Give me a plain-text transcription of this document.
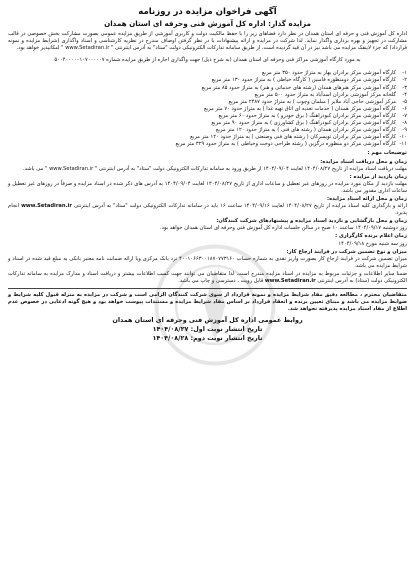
آگهی فراخوان مزایده در روزنامه

مزایده گذار: اداره کل آموزش فنی وحرفه ای استان همدان

اداره کل آموزش فنی و حرفه ای استان همدان در نظر دارد فضاهای زیر را با حفظ مالکیت دولت و کاربری آموزشی از طریق مزایده عمومی بصورت مشارکت بخش خصوصی در قالب مشارکت در تجهیز و بهره برداری واگذار نماید. لذا شرکت در مزایده و ارائه پیشنهادات با در نظر گرفتن اوصاف مندرج در نظریه کارشناسی و اسناد واگذاری (شرایط مزایده و نمونه قرارداد) که جزء لاینفک مزایده می باشد نیز در آن قید گردیده است، از طریق سامانه تدارکات الکترونیکی دولت "ستاد" به آدرس اینترنتی " www.Setadiran.ir " امکانپذیر خواهد بود.

به مورد کارگاه آموزشی مراکز فنی وحرفه ای استان همدان (به شرح ذیل) جهت واگذاری اجاره از طریق مزایده شماره ۵۰۰۴۰۰۰۰۰۱۰۷۰۰۰۰۰۷

۱-
کارگاه آموزشی مرکز برادران بهار به متراژ حدود ۳۵۰ متر مربع
۲-
کارگاه آموزشی مرکز دومنظوره فامنین ( کارگاه خیاطی ) به متراژ حدود ۱۳۰ متر مربع
۳-
کارگاه آموزشی مرکز هنرهای همدان (رشته های خدماتی و هنر) به متراژ حدود ۸۵ متر مربع
۴-
گلخانه مرکز آموزشی برادران اسدآباد به متراژ حدود ۵۰۰ متر مربع
۵-
مرکز آموزشی حاجی آباد ملایر ( مبلمان وچوب ) به متراژ حدود ۲۴۸۷ متر مربع
۶-
کارگاه آموزشی مرکز همدان ( خدمات تغذیه ای اتاق تهیه غذا ) به متراژ حدود ۷۰ متر مربع
۷-
کارگاه آموزشی مرکز برادران کبودراهنگ ( برق خودرو ) به متراژ حدود ۶۰ متر مربع
۸-
کارگاه آموزشی مرکز برادران کبودراهنگ ( برق کشاورزی ) به متراژ حدود ۹۰ متر مربع
۹-
کارگاه آموزشی مرکز برادران همدان ( رشته های فنی ) به متراژ حدود ۱۲۰ متر مربع
۱۰-
کارگاه آموزشی مرکز برادران تویسرکان ( رشته های فنی وصنعتی ) به متراژ حدود ۱۲۰ متر مربع
۱۱-
کارگاه آموزشی مرکز دو منظوره درگزین ( رشته طراحی دوخت وخیاطی ) به متراژ حدود ۳۲۹ متر مربع

توضیحات مهم :

زمان و محل دریافت اسناد مزایده:

مهلت دریافت اسناد مزایده از تاریخ ۱۴۰۴/۰۸/۲۷ لغایت ۱۴۰۴/۰۹/۰۴ از طریق ورود به سامانه تدارکات الکترونیکی دولت "ستاد" به آدرس اینترنتی " www.Setadiran.ir " می باشد.

زمان بازدید از مزایده :

مهلت بازدید از مکان مورد مزایده در روزهای غیر تعطیل و ساعات اداری از تاریخ ۱۴۰۴/۰۸/۲۷ لغایت ۱۴۰۴/۰۹/۰۴ به آدرس های ذکر شده در اسناد مزایده و صرفاً در روزهای غیر تعطیل و ساعات اداری مقدور می باشد.

زمان و محل ارائه اسناد مزایده:

ارائه و بارگذاری کلیه اسناد مزایده از تاریخ ۱۴۰۴/۰۸/۲۷ لغایت ۱۴۰۴/۰۹/۱۶ ساعت ۱۶ باید در سامانه تدارکات الکترونیکی دولت "ستاد" به آدرس اینترنتی www.Setadiran.ir انجام پذیرد.

زمان و محل بازگشایی و بازدید اسناد مزایده و پیشنهادهای شرکت کنندگان:

روز دوشنبه ۱۴۰۴/۰۹/۱۷ ساعت ۱۰ صبح در سالن جلسات اداره کل آموزش فنی وحرفه ای استان همدان خواهد بود.

زمان اعلام برنده کارگزاری :

روز سه شنبه مورخ ۱۴۰۴/۰۹/۱۸

میزان و نوع تضمین شرکت در فرایند ارجاع کار:

میزان تضمین شرکت در فرایند ارجاع کار بصورت واریز نقدی به شماره حساب ۴۰۰۱۰۶۶۳۰۰۱۸۷۰۷۷۳۱۶۰ نزد بانک مرکزی ویا ارائه ضمانت نامه معتبر بانکی به مبلغ قید شده در اسناد و شرایط مزایده می باشد.

ضمنا سایر اطلاعات و جزئیات مربوط به مزایده در اسناد مزایده مندرج است. لذا متقاضیان می توانند جهت کسب اطلاعات بیشتر و دریافت اسناد و مدارک مزایده به سامانه تدارکات الکترونیکی دولت (ستاد) به آدرس اینترنتی www.Setadiran.ir قابل رویت ، دسترسی و چاپ می باشد.

متقاضیان محترم ، مطالعه دقیق مفاد شرایط مزایده و نمونه قرارداد از سوی شرکت کنندگان الزامی است و شرکت در مزایده به منزله قبول کلیه شرایط و ضوابط مزایده می باشد و مبنای تعیین برنده و انعقاد قرارداد بر اساس مفاد شرایط مزایده و مستندات پیوست خواهد بود و هیچ گونه ادعایی در خصوص عدم اطلاع از مفاد اسناد مزایده پذیرفته نخواهد شد.

روابط عمومی اداره کل آموزش فنی وحرفه ای استان همدان

تاریخ انتشار نوبت اول: ۱۴۰۴/۰۸/۲۷

تاریخ انتشار نوبت دوم: ۱۴۰۴/۰۸/۲۸
